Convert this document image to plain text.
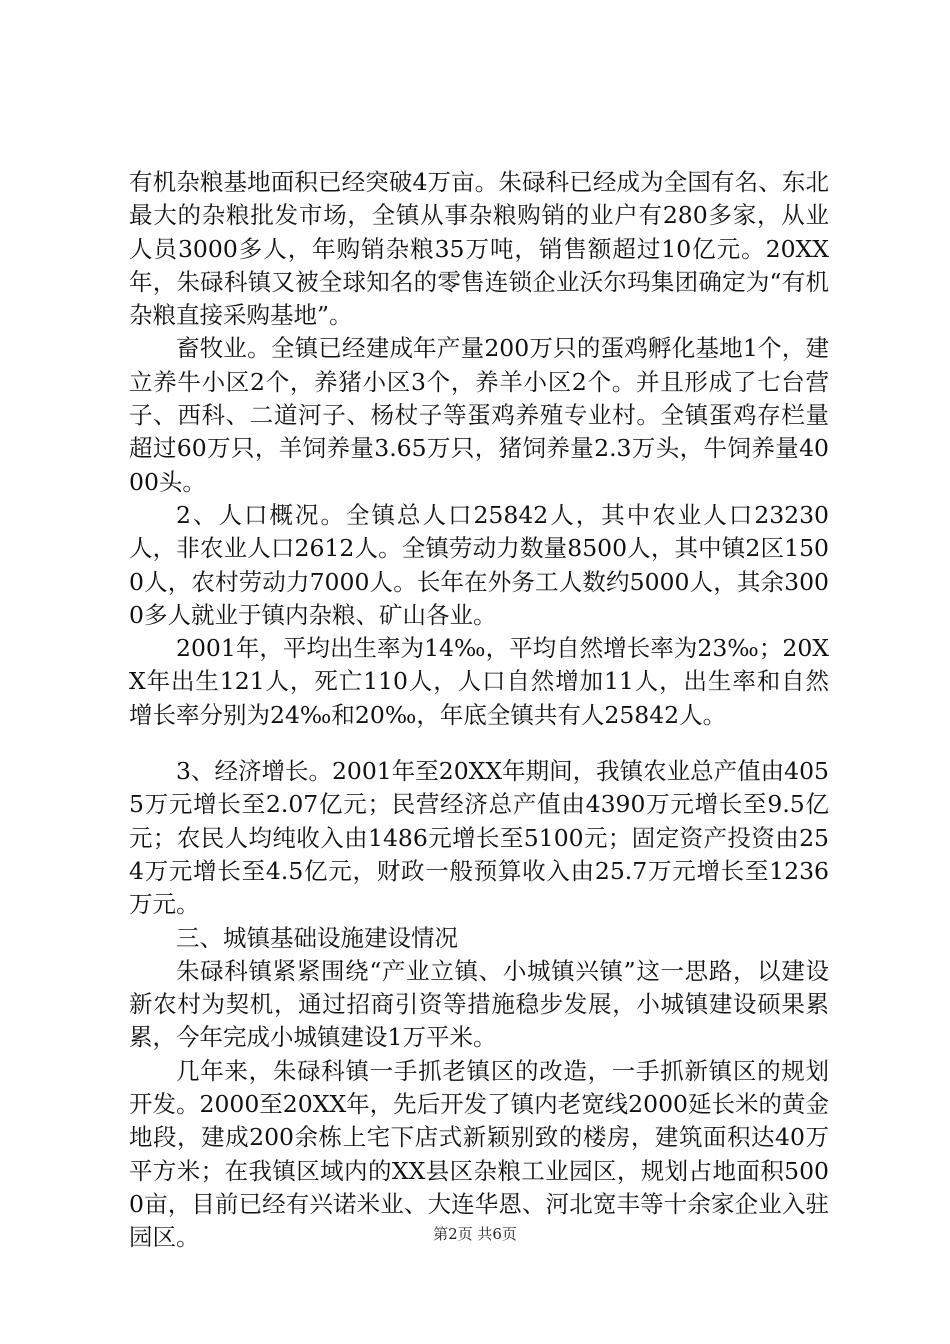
有机杂粮基地面积已经突破4万亩。朱碌科已经成为全国有名、东北最大的杂粮批发市场，全镇从事杂粮购销的业户有280多家，从业人员3000多人，年购销杂粮35万吨，销售额超过10亿元。20XX年，朱碌科镇又被全球知名的零售连锁企业沃尔玛集团确定为“有机杂粮直接采购基地”。

畜牧业。全镇已经建成年产量200万只的蛋鸡孵化基地1个，建立养牛小区2个，养猪小区3个，养羊小区2个。并且形成了七台营子、西科、二道河子、杨杖子等蛋鸡养殖专业村。全镇蛋鸡存栏量超过60万只，羊饲养量3.65万只，猪饲养量2.3万头，牛饲养量4000头。

2、人口概况。全镇总人口25842人，其中农业人口23230人，非农业人口2612人。全镇劳动力数量8500人，其中镇2区1500人，农村劳动力7000人。长年在外务工人数约5000人，其余3000多人就业于镇内杂粮、矿山各业。

2001年，平均出生率为14‰，平均自然增长率为23‰；20XX年出生121人，死亡110人，人口自然增加11人，出生率和自然增长率分别为24‰和20‰，年底全镇共有人25842人。

3、经济增长。2001年至20XX年期间，我镇农业总产值由4055万元增长至2.07亿元；民营经济总产值由4390万元增长至9.5亿元；农民人均纯收入由1486元增长至5100元；固定资产投资由254万元增长至4.5亿元，财政一般预算收入由25.7万元增长至1236万元。

三、城镇基础设施建设情况

朱碌科镇紧紧围绕“产业立镇、小城镇兴镇”这一思路，以建设新农村为契机，通过招商引资等措施稳步发展，小城镇建设硕果累累，今年完成小城镇建设1万平米。

几年来，朱碌科镇一手抓老镇区的改造，一手抓新镇区的规划开发。2000至20XX年，先后开发了镇内老宽线2000延长米的黄金地段，建成200余栋上宅下店式新颖别致的楼房，建筑面积达40万平方米；在我镇区域内的XX县区杂粮工业园区，规划占地面积5000亩，目前已经有兴诺米业、大连华恩、河北宽丰等十余家企业入驻园区。	第2页 共6页
